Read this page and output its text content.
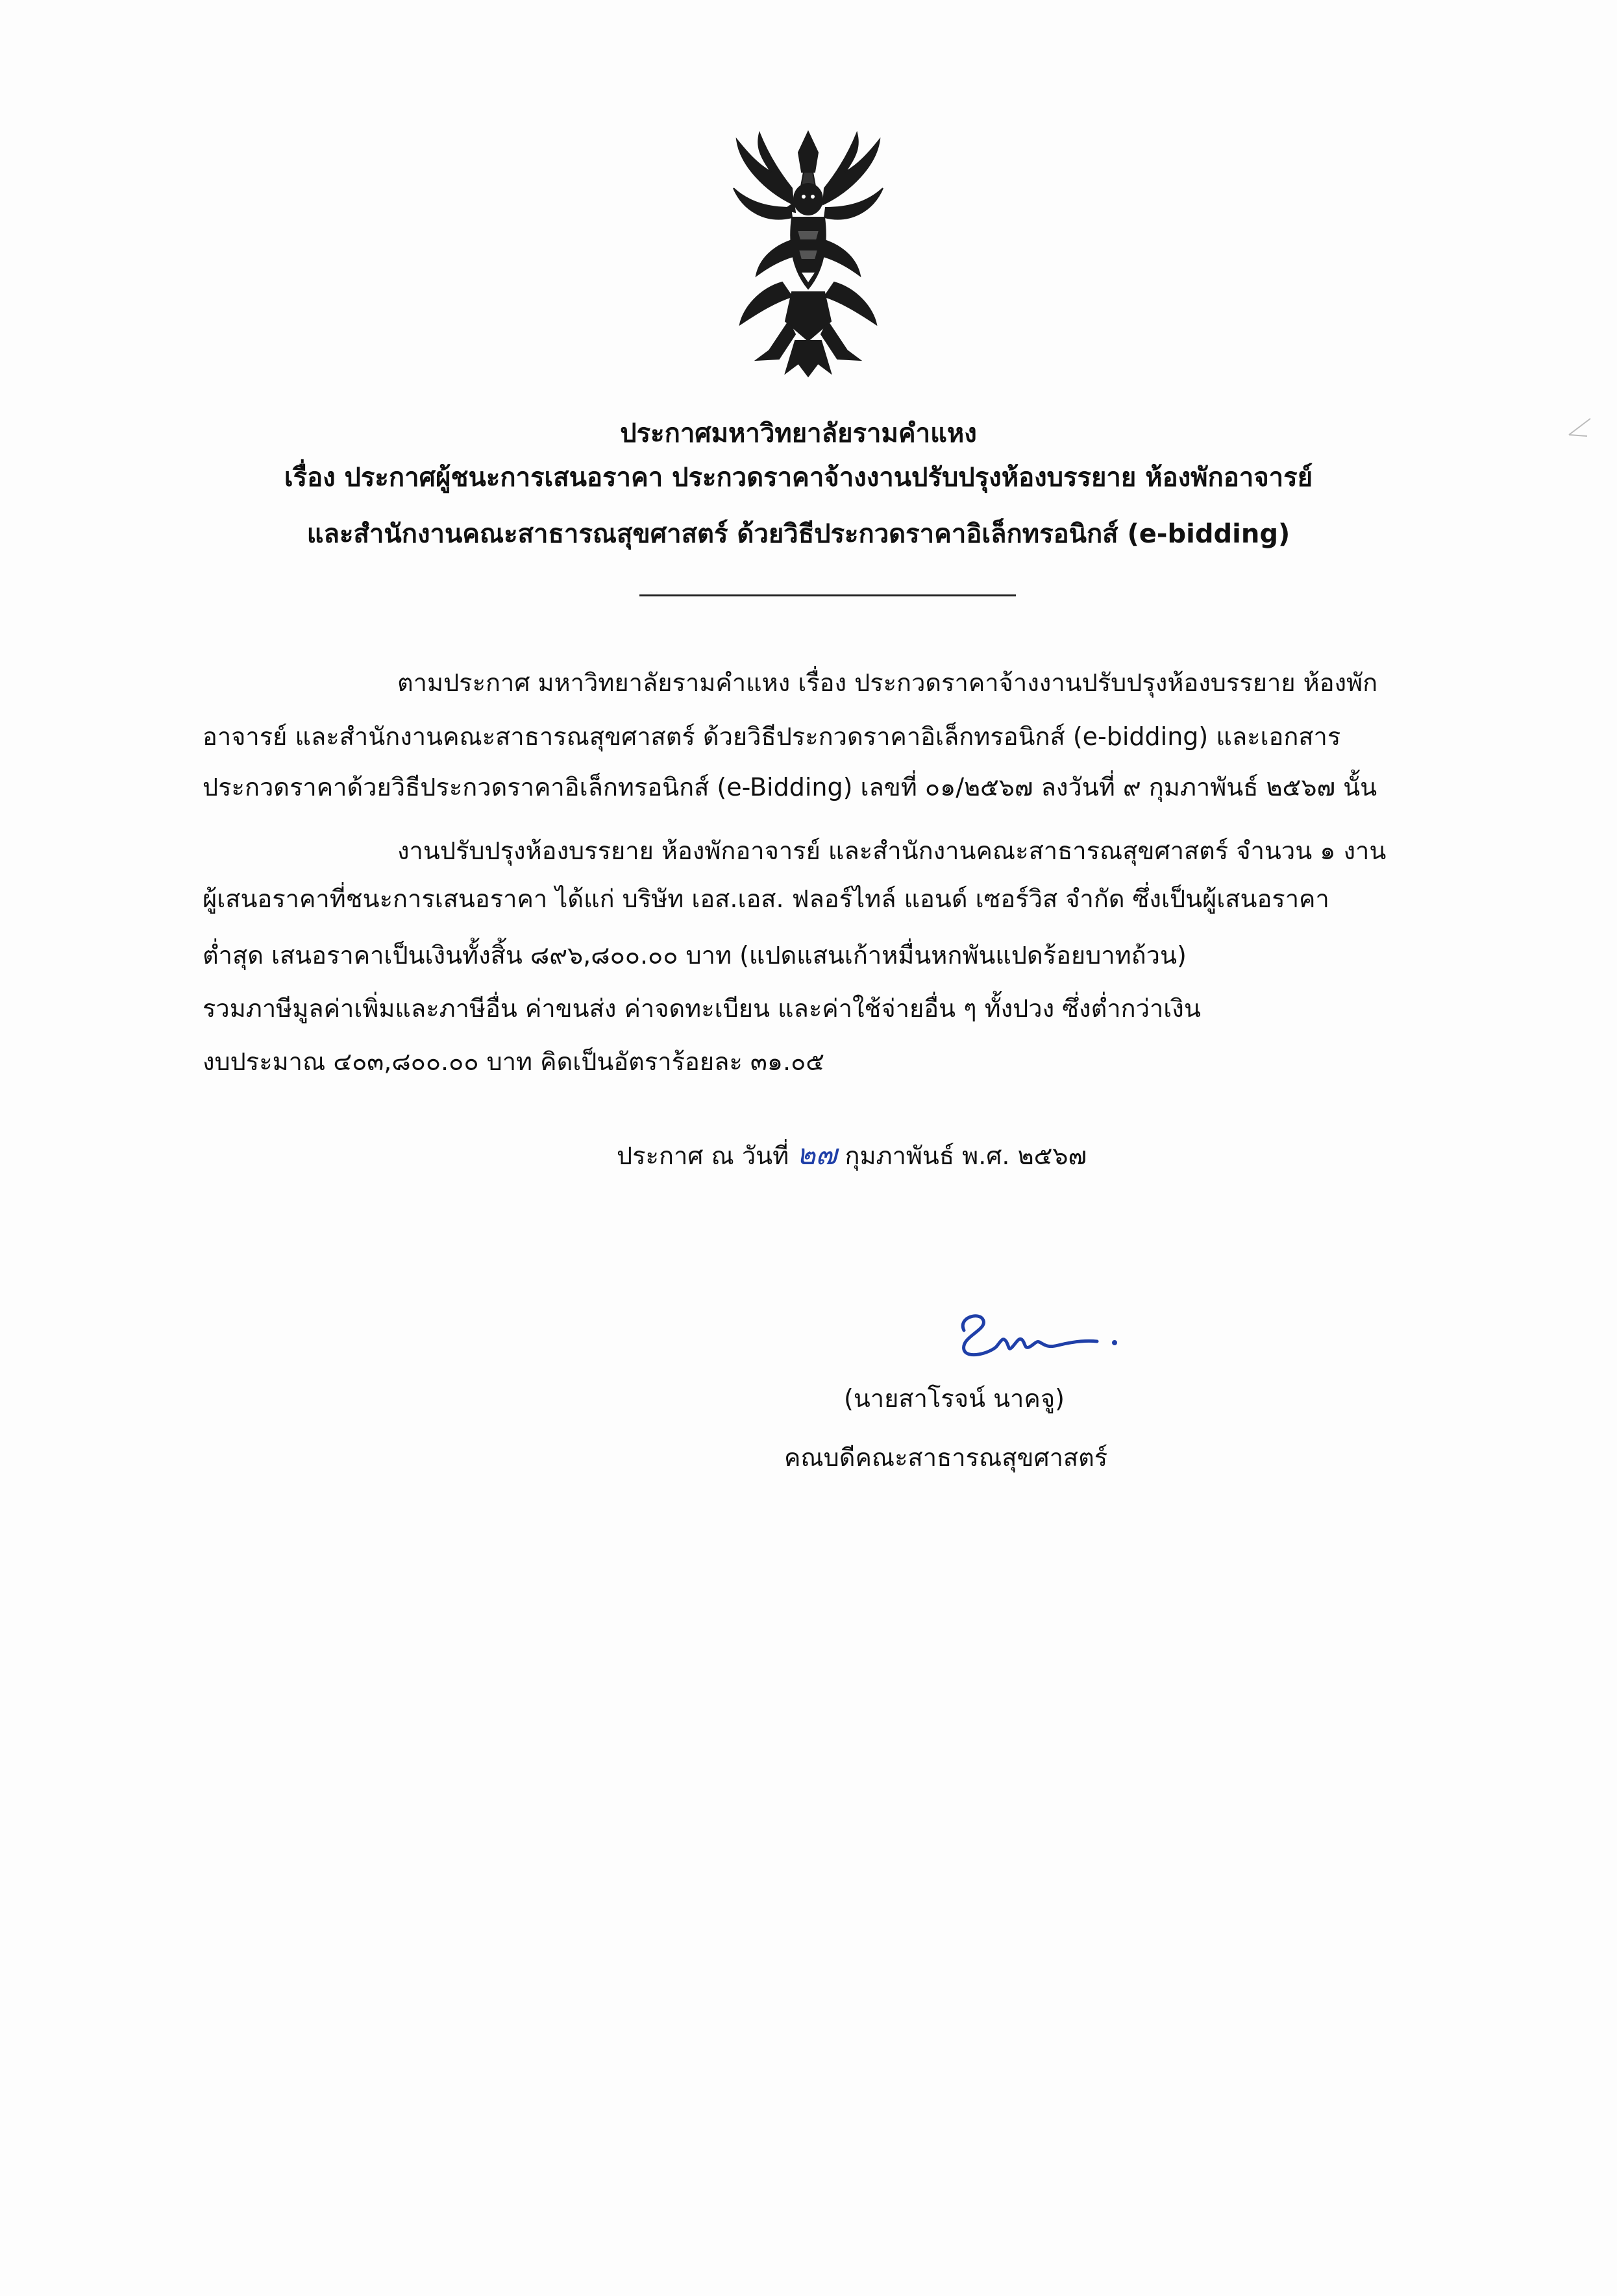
ประกาศมหาวิทยาลัยรามคำแหง
เรื่อง ประกาศผู้ชนะการเสนอราคา ประกวดราคาจ้างงานปรับปรุงห้องบรรยาย ห้องพักอาจารย์
และสำนักงานคณะสาธารณสุขศาสตร์ ด้วยวิธีประกวดราคาอิเล็กทรอนิกส์ (e-bidding)
ตามประกาศ มหาวิทยาลัยรามคำแหง เรื่อง ประกวดราคาจ้างงานปรับปรุงห้องบรรยาย ห้องพัก
อาจารย์ และสำนักงานคณะสาธารณสุขศาสตร์ ด้วยวิธีประกวดราคาอิเล็กทรอนิกส์ (e-bidding) และเอกสาร
ประกวดราคาด้วยวิธีประกวดราคาอิเล็กทรอนิกส์ (e-Bidding) เลขที่ ๐๑/๒๕๖๗ ลงวันที่ ๙ กุมภาพันธ์ ๒๕๖๗ นั้น
งานปรับปรุงห้องบรรยาย ห้องพักอาจารย์ และสำนักงานคณะสาธารณสุขศาสตร์ จำนวน ๑ งาน
ผู้เสนอราคาที่ชนะการเสนอราคา ได้แก่ บริษัท เอส.เอส. ฟลอร์ไทล์ แอนด์ เซอร์วิส จำกัด ซึ่งเป็นผู้เสนอราคา
ต่ำสุด เสนอราคาเป็นเงินทั้งสิ้น ๘๙๖,๘๐๐.๐๐ บาท (แปดแสนเก้าหมื่นหกพันแปดร้อยบาทถ้วน)
รวมภาษีมูลค่าเพิ่มและภาษีอื่น ค่าขนส่ง ค่าจดทะเบียน และค่าใช้จ่ายอื่น ๆ ทั้งปวง ซึ่งต่ำกว่าเงิน
งบประมาณ ๔๐๓,๘๐๐.๐๐ บาท คิดเป็นอัตราร้อยละ ๓๑.๐๕
ประกาศ ณ วันที่ ๒๗ กุมภาพันธ์ พ.ศ. ๒๕๖๗
(นายสาโรจน์ นาคจู)
คณบดีคณะสาธารณสุขศาสตร์
